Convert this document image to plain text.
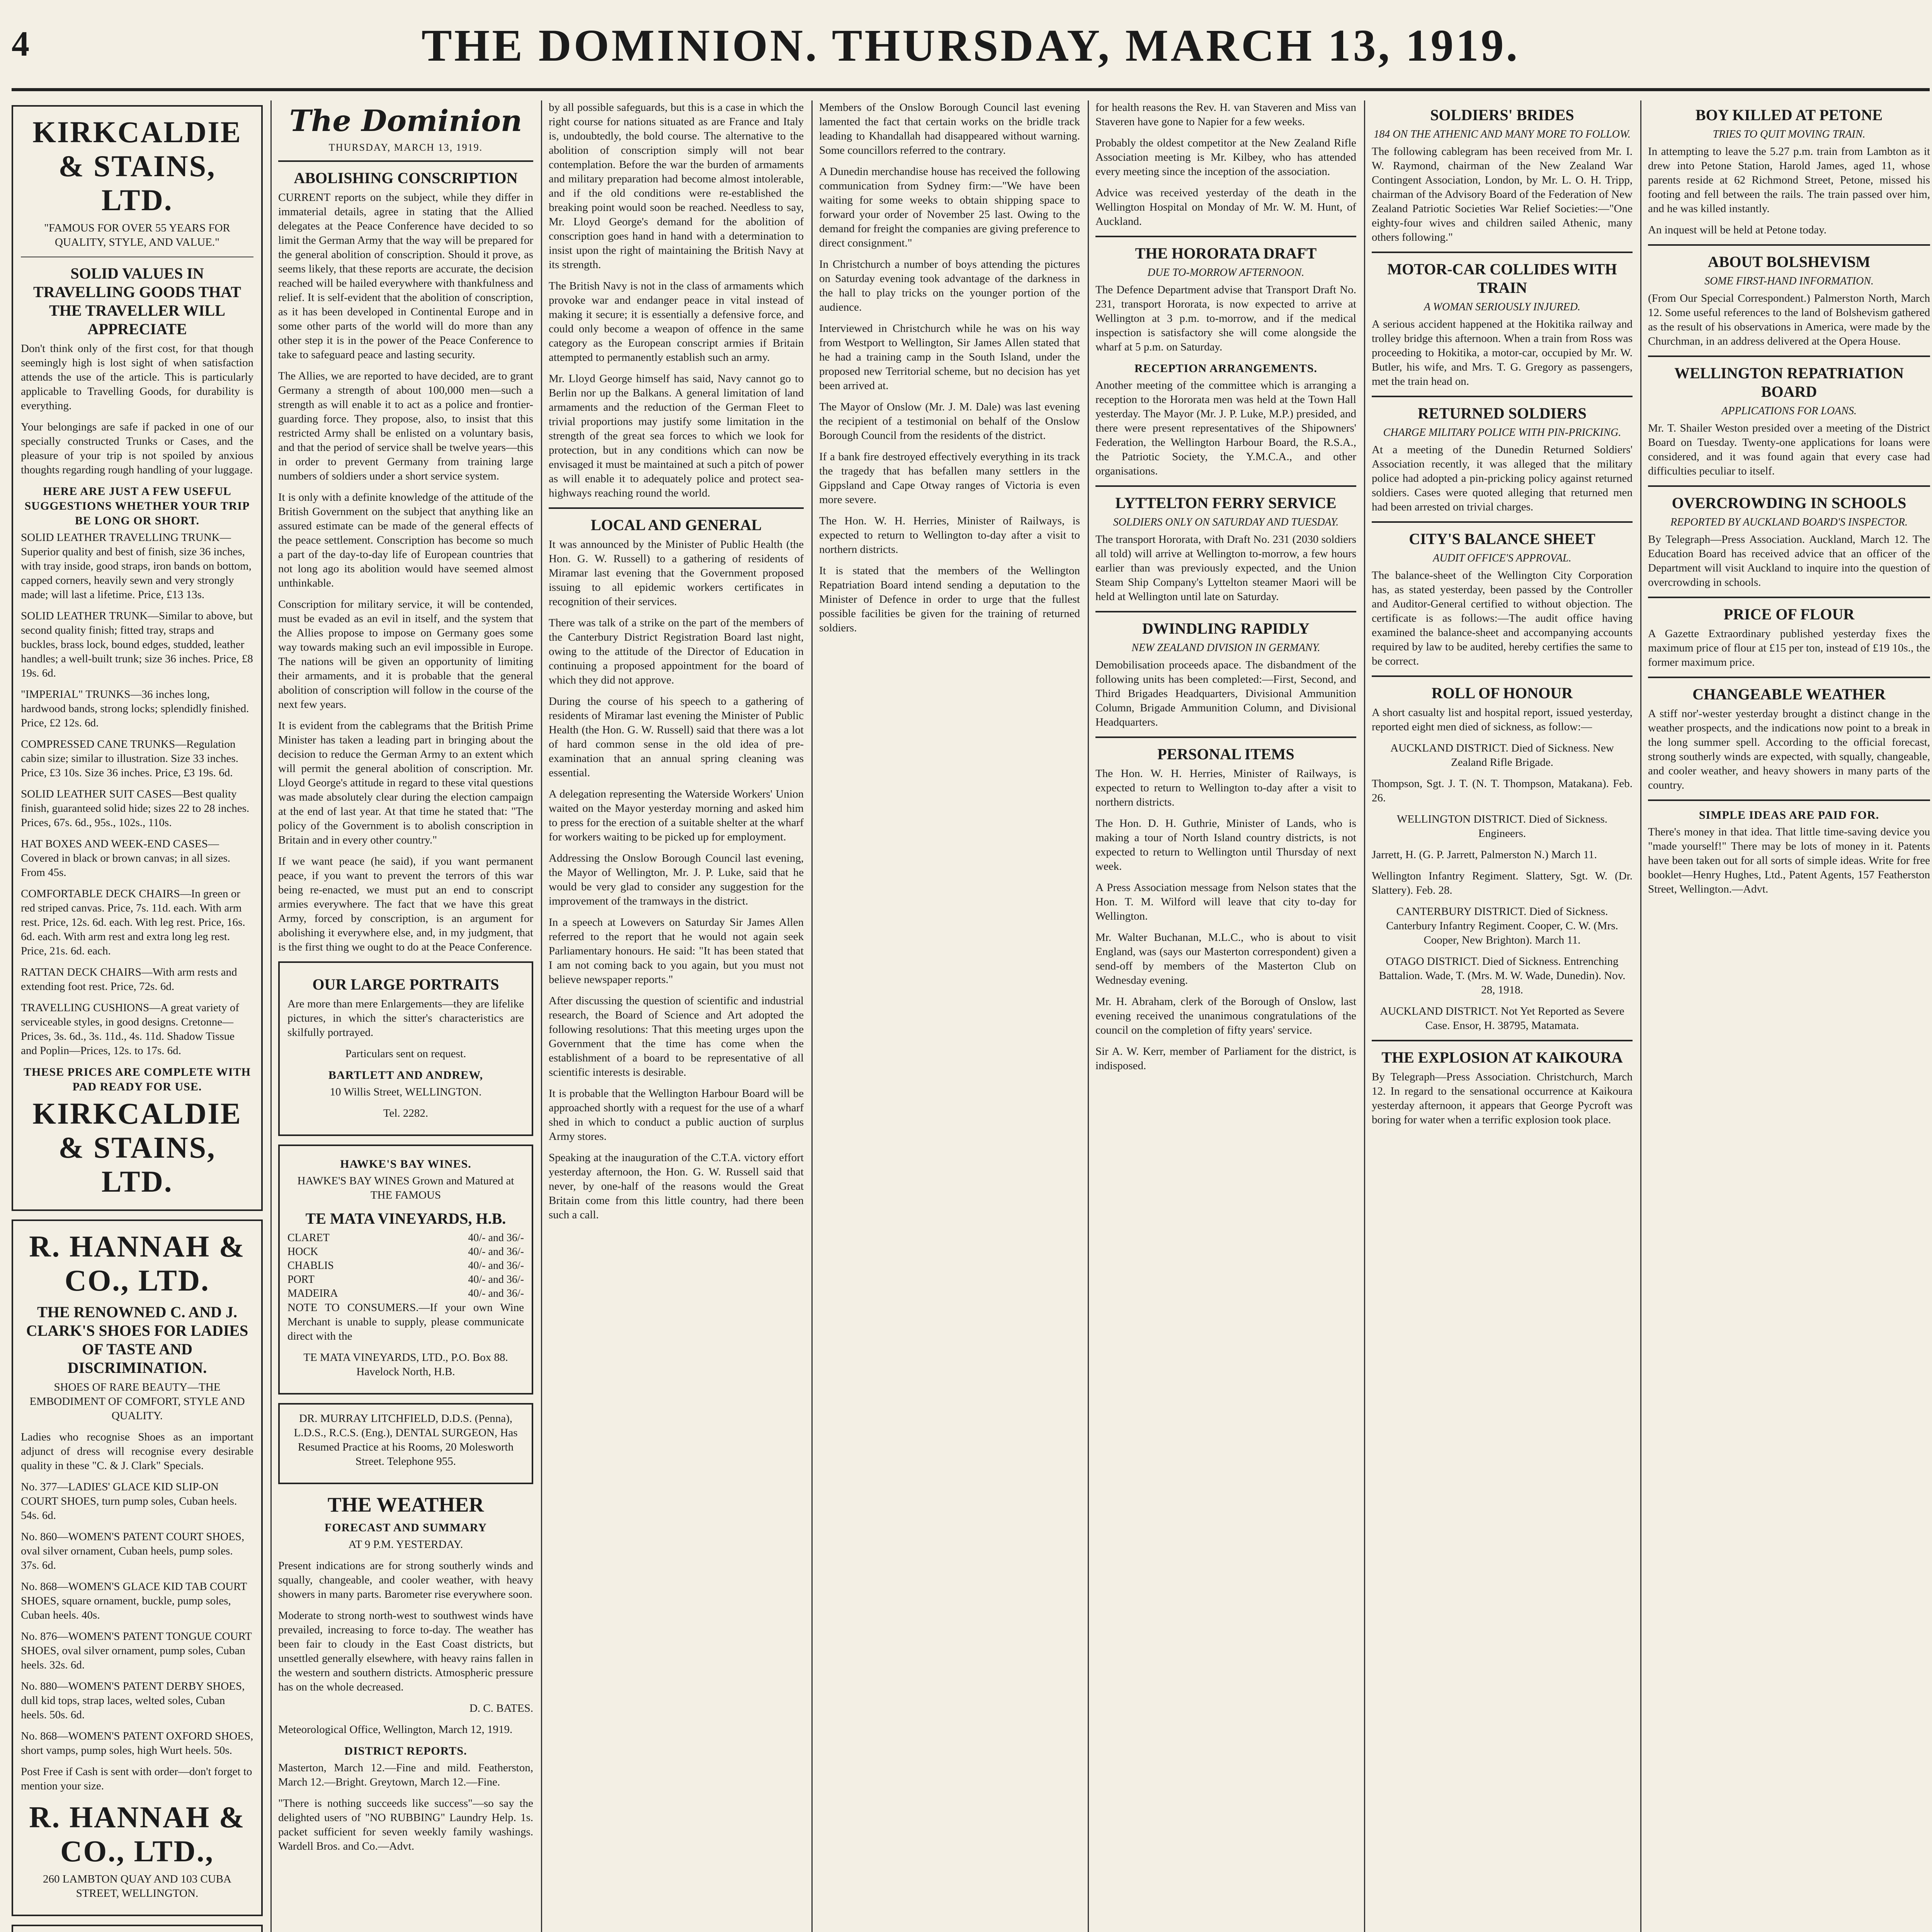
4	THE DOMINION. THURSDAY, MARCH 13, 1919.
KIRKCALDIE & STAINS, LTD.

"FAMOUS FOR OVER 55 YEARS FOR QUALITY, STYLE, AND VALUE."

SOLID VALUES IN TRAVELLING GOODS THAT THE TRAVELLER WILL APPRECIATE

Don't think only of the first cost, for that though seemingly high is lost sight of when satisfaction attends the use of the article. This is particularly applicable to Travelling Goods, for durability is everything.

Your belongings are safe if packed in one of our specially constructed Trunks or Cases, and the pleasure of your trip is not spoiled by anxious thoughts regarding rough handling of your luggage.

HERE ARE JUST A FEW USEFUL SUGGESTIONS WHETHER YOUR TRIP BE LONG OR SHORT.

SOLID LEATHER TRAVELLING TRUNK—Superior quality and best of finish, size 36 inches, with tray inside, good straps, iron bands on bottom, capped corners, heavily sewn and very strongly made; will last a lifetime. Price, £13 13s.

SOLID LEATHER TRUNK—Similar to above, but second quality finish; fitted tray, straps and buckles, brass lock, bound edges, studded, leather handles; a well-built trunk; size 36 inches. Price, £8 19s. 6d.

"IMPERIAL" TRUNKS—36 inches long, hardwood bands, strong locks; splendidly finished. Price, £2 12s. 6d.

COMPRESSED CANE TRUNKS—Regulation cabin size; similar to illustration. Size 33 inches. Price, £3 10s. Size 36 inches. Price, £3 19s. 6d.

SOLID LEATHER SUIT CASES—Best quality finish, guaranteed solid hide; sizes 22 to 28 inches. Prices, 67s. 6d., 95s., 102s., 110s.

HAT BOXES AND WEEK-END CASES—Covered in black or brown canvas; in all sizes. From 45s.

COMFORTABLE DECK CHAIRS—In green or red striped canvas. Price, 7s. 11d. each. With arm rest. Price, 12s. 6d. each. With leg rest. Price, 16s. 6d. each. With arm rest and extra long leg rest. Price, 21s. 6d. each.

RATTAN DECK CHAIRS—With arm rests and extending foot rest. Price, 72s. 6d.

TRAVELLING CUSHIONS—A great variety of serviceable styles, in good designs. Cretonne—Prices, 3s. 6d., 3s. 11d., 4s. 11d. Shadow Tissue and Poplin—Prices, 12s. to 17s. 6d.

THESE PRICES ARE COMPLETE WITH PAD READY FOR USE.
KIRKCALDIE & STAINS, LTD.
R. HANNAH & CO., LTD.
THE RENOWNED C. AND J. CLARK'S SHOES FOR LADIES OF TASTE AND DISCRIMINATION.

SHOES OF RARE BEAUTY—THE EMBODIMENT OF COMFORT, STYLE AND QUALITY.

Ladies who recognise Shoes as an important adjunct of dress will recognise every desirable quality in these "C. & J. Clark" Specials.

No. 377—LADIES' GLACE KID SLIP-ON COURT SHOES, turn pump soles, Cuban heels. 54s. 6d.

No. 860—WOMEN'S PATENT COURT SHOES, oval silver ornament, Cuban heels, pump soles. 37s. 6d.

No. 868—WOMEN'S GLACE KID TAB COURT SHOES, square ornament, buckle, pump soles, Cuban heels. 40s.

No. 876—WOMEN'S PATENT TONGUE COURT SHOES, oval silver ornament, pump soles, Cuban heels. 32s. 6d.

No. 880—WOMEN'S PATENT DERBY SHOES, dull kid tops, strap laces, welted soles, Cuban heels. 50s. 6d.

No. 868—WOMEN'S PATENT OXFORD SHOES, short vamps, pump soles, high Wurt heels. 50s.

Post Free if Cash is sent with order—don't forget to mention your size.

R. HANNAH & CO., LTD.,

260 LAMBTON QUAY AND 103 CUBA STREET, WELLINGTON.

The Dominion
THURSDAY, MARCH 13, 1919.
ABOLISHING CONSCRIPTION

CURRENT reports on the subject, while they differ in immaterial details, agree in stating that the Allied delegates at the Peace Conference have decided to so limit the German Army that the way will be prepared for the general abolition of conscription. Should it prove, as seems likely, that these reports are accurate, the decision reached will be hailed everywhere with thankfulness and relief. It is self-evident that the abolition of conscription, as it has been developed in Continental Europe and in some other parts of the world will do more than any other step it is in the power of the Peace Conference to take to safeguard peace and lasting security.

The Allies, we are reported to have decided, are to grant Germany a strength of about 100,000 men—such a strength as will enable it to act as a police and frontier-guarding force. They propose, also, to insist that this restricted Army shall be enlisted on a voluntary basis, and that the period of service shall be twelve years—this in order to prevent Germany from training large numbers of soldiers under a short service system.

It is only with a definite knowledge of the attitude of the British Government on the subject that anything like an assured estimate can be made of the general effects of the peace settlement. Conscription has become so much a part of the day-to-day life of European countries that not long ago its abolition would have seemed almost unthinkable.

Conscription for military service, it will be contended, must be evaded as an evil in itself, and the system that the Allies propose to impose on Germany goes some way towards making such an evil impossible in Europe. The nations will be given an opportunity of limiting their armaments, and it is probable that the general abolition of conscription will follow in the course of the next few years.

It is evident from the cablegrams that the British Prime Minister has taken a leading part in bringing about the decision to reduce the German Army to an extent which will permit the general abolition of conscription. Mr. Lloyd George's attitude in regard to these vital questions was made absolutely clear during the election campaign at the end of last year. At that time he stated that: "The policy of the Government is to abolish conscription in Britain and in every other country."

If we want peace (he said), if you want permanent peace, if you want to prevent the terrors of this war being re-enacted, we must put an end to conscript armies everywhere. The fact that we have this great Army, forced by conscription, is an argument for abolishing it everywhere else, and, in my judgment, that is the first thing we ought to do at the Peace Conference.

OUR LARGE PORTRAITS

Are more than mere Enlargements—they are lifelike pictures, in which the sitter's characteristics are skilfully portrayed.

Particulars sent on request.

BARTLETT AND ANDREW,

10 Willis Street, WELLINGTON.

Tel. 2282.

HAWKE'S BAY WINES.

HAWKE'S BAY WINES Grown and Matured at THE FAMOUS

TE MATA VINEYARDS, H.B.
CLARET	40/- and 36/-
HOCK	40/- and 36/-
CHABLIS	40/- and 36/-
PORT	40/- and 36/-
MADEIRA	40/- and 36/-

NOTE TO CONSUMERS.—If your own Wine Merchant is unable to supply, please communicate direct with the

TE MATA VINEYARDS, LTD., P.O. Box 88. Havelock North, H.B.

DR. MURRAY LITCHFIELD, D.D.S. (Penna), L.D.S., R.C.S. (Eng.), DENTAL SURGEON, Has Resumed Practice at his Rooms, 20 Molesworth Street. Telephone 955.

THE WEATHER
FORECAST AND SUMMARY

AT 9 P.M. YESTERDAY.

Present indications are for strong southerly winds and squally, changeable, and cooler weather, with heavy showers in many parts. Barometer rise everywhere soon.

Moderate to strong north-west to southwest winds have prevailed, increasing to force to-day. The weather has been fair to cloudy in the East Coast districts, but unsettled generally elsewhere, with heavy rains fallen in the western and southern districts. Atmospheric pressure has on the whole decreased.

D. C. BATES.

Meteorological Office, Wellington, March 12, 1919.

DISTRICT REPORTS.

Masterton, March 12.—Fine and mild. Featherston, March 12.—Bright. Greytown, March 12.—Fine.

"There is nothing succeeds like success"—so say the delighted users of "NO RUBBING" Laundry Help. 1s. packet sufficient for seven weekly family washings. Wardell Bros. and Co.—Advt.

by all possible safeguards, but this is a case in which the right course for nations situated as are France and Italy is, undoubtedly, the bold course. The alternative to the abolition of conscription simply will not bear contemplation. Before the war the burden of armaments and military preparation had become almost intolerable, and if the old conditions were re-established the breaking point would soon be reached. Needless to say, Mr. Lloyd George's demand for the abolition of conscription goes hand in hand with a determination to insist upon the right of maintaining the British Navy at its strength.

The British Navy is not in the class of armaments which provoke war and endanger peace in vital instead of making it secure; it is essentially a defensive force, and could only become a weapon of offence in the same category as the European conscript armies if Britain attempted to permanently establish such an army.

Mr. Lloyd George himself has said, Navy cannot go to Berlin nor up the Balkans. A general limitation of land armaments and the reduction of the German Fleet to trivial proportions may justify some limitation in the strength of the great sea forces to which we look for protection, but in any conditions which can now be envisaged it must be maintained at such a pitch of power as will enable it to adequately police and protect sea-highways reaching round the world.

LOCAL AND GENERAL

It was announced by the Minister of Public Health (the Hon. G. W. Russell) to a gathering of residents of Miramar last evening that the Government proposed issuing to all epidemic workers certificates in recognition of their services.

There was talk of a strike on the part of the members of the Canterbury District Registration Board last night, owing to the attitude of the Director of Education in continuing a proposed appointment for the board of which they did not approve.

During the course of his speech to a gathering of residents of Miramar last evening the Minister of Public Health (the Hon. G. W. Russell) said that there was a lot of hard common sense in the old idea of pre-examination that an annual spring cleaning was essential.

A delegation representing the Waterside Workers' Union waited on the Mayor yesterday morning and asked him to press for the erection of a suitable shelter at the wharf for workers waiting to be picked up for employment.

Addressing the Onslow Borough Council last evening, the Mayor of Wellington, Mr. J. P. Luke, said that he would be very glad to consider any suggestion for the improvement of the tramways in the district.

In a speech at Lowevers on Saturday Sir James Allen referred to the report that he would not again seek Parliamentary honours. He said: "It has been stated that I am not coming back to you again, but you must not believe newspaper reports."

After discussing the question of scientific and industrial research, the Board of Science and Art adopted the following resolutions: That this meeting urges upon the Government that the time has come when the establishment of a board to be representative of all scientific interests is desirable.

It is probable that the Wellington Harbour Board will be approached shortly with a request for the use of a wharf shed in which to conduct a public auction of surplus Army stores.

Speaking at the inauguration of the C.T.A. victory effort yesterday afternoon, the Hon. G. W. Russell said that never, by one-half of the reasons would the Great Britain come from this little country, had there been such a call.

Members of the Onslow Borough Council last evening lamented the fact that certain works on the bridle track leading to Khandallah had disappeared without warning. Some councillors referred to the contrary.

A Dunedin merchandise house has received the following communication from Sydney firm:—"We have been waiting for some weeks to obtain shipping space to forward your order of November 25 last. Owing to the demand for freight the companies are giving preference to direct consignment."

In Christchurch a number of boys attending the pictures on Saturday evening took advantage of the darkness in the hall to play tricks on the younger portion of the audience.

Interviewed in Christchurch while he was on his way from Westport to Wellington, Sir James Allen stated that he had a training camp in the South Island, under the proposed new Territorial scheme, but no decision has yet been arrived at.

The Mayor of Onslow (Mr. J. M. Dale) was last evening the recipient of a testimonial on behalf of the Onslow Borough Council from the residents of the district.

If a bank fire destroyed effectively everything in its track the tragedy that has befallen many settlers in the Gippsland and Cape Otway ranges of Victoria is even more severe.

The Hon. W. H. Herries, Minister of Railways, is expected to return to Wellington to-day after a visit to northern districts.

It is stated that the members of the Wellington Repatriation Board intend sending a deputation to the Minister of Defence in order to urge that the fullest possible facilities be given for the training of returned soldiers.

for health reasons the Rev. H. van Staveren and Miss van Staveren have gone to Napier for a few weeks.

Probably the oldest competitor at the New Zealand Rifle Association meeting is Mr. Kilbey, who has attended every meeting since the inception of the association.

Advice was received yesterday of the death in the Wellington Hospital on Monday of Mr. W. M. Hunt, of Auckland.

THE HORORATA DRAFT

DUE TO-MORROW AFTERNOON.

The Defence Department advise that Transport Draft No. 231, transport Hororata, is now expected to arrive at Wellington at 3 p.m. to-morrow, and if the medical inspection is satisfactory she will come alongside the wharf at 5 p.m. on Saturday.

RECEPTION ARRANGEMENTS.

Another meeting of the committee which is arranging a reception to the Hororata men was held at the Town Hall yesterday. The Mayor (Mr. J. P. Luke, M.P.) presided, and there were present representatives of the Shipowners' Federation, the Wellington Harbour Board, the R.S.A., the Patriotic Society, the Y.M.C.A., and other organisations.

LYTTELTON FERRY SERVICE

SOLDIERS ONLY ON SATURDAY AND TUESDAY.

The transport Hororata, with Draft No. 231 (2030 soldiers all told) will arrive at Wellington to-morrow, a few hours earlier than was previously expected, and the Union Steam Ship Company's Lyttelton steamer Maori will be held at Wellington until late on Saturday.

DWINDLING RAPIDLY

NEW ZEALAND DIVISION IN GERMANY.

Demobilisation proceeds apace. The disbandment of the following units has been completed:—First, Second, and Third Brigades Headquarters, Divisional Ammunition Column, Brigade Ammunition Column, and Divisional Headquarters.

PERSONAL ITEMS

The Hon. W. H. Herries, Minister of Railways, is expected to return to Wellington to-day after a visit to northern districts.

The Hon. D. H. Guthrie, Minister of Lands, who is making a tour of North Island country districts, is not expected to return to Wellington until Thursday of next week.

A Press Association message from Nelson states that the Hon. T. M. Wilford will leave that city to-day for Wellington.

Mr. Walter Buchanan, M.L.C., who is about to visit England, was (says our Masterton correspondent) given a send-off by members of the Masterton Club on Wednesday evening.

Mr. H. Abraham, clerk of the Borough of Onslow, last evening received the unanimous congratulations of the council on the completion of fifty years' service.

Sir A. W. Kerr, member of Parliament for the district, is indisposed.

SOLDIERS' BRIDES

184 ON THE ATHENIC AND MANY MORE TO FOLLOW.

The following cablegram has been received from Mr. I. W. Raymond, chairman of the New Zealand War Contingent Association, London, by Mr. L. O. H. Tripp, chairman of the Advisory Board of the Federation of New Zealand Patriotic Societies War Relief Societies:—"One eighty-four wives and children sailed Athenic, many others following."

MOTOR-CAR COLLIDES WITH TRAIN

A WOMAN SERIOUSLY INJURED.

A serious accident happened at the Hokitika railway and trolley bridge this afternoon. When a train from Ross was proceeding to Hokitika, a motor-car, occupied by Mr. W. Butler, his wife, and Mrs. T. G. Gregory as passengers, met the train head on.

RETURNED SOLDIERS

CHARGE MILITARY POLICE WITH PIN-PRICKING.

At a meeting of the Dunedin Returned Soldiers' Association recently, it was alleged that the military police had adopted a pin-pricking policy against returned soldiers. Cases were quoted alleging that returned men had been arrested on trivial charges.

CITY'S BALANCE SHEET

AUDIT OFFICE'S APPROVAL.

The balance-sheet of the Wellington City Corporation has, as stated yesterday, been passed by the Controller and Auditor-General certified to without objection. The certificate is as follows:—The audit office having examined the balance-sheet and accompanying accounts required by law to be audited, hereby certifies the same to be correct.

ROLL OF HONOUR

A short casualty list and hospital report, issued yesterday, reported eight men died of sickness, as follow:—

AUCKLAND DISTRICT. Died of Sickness. New Zealand Rifle Brigade.

Thompson, Sgt. J. T. (N. T. Thompson, Matakana). Feb. 26.

WELLINGTON DISTRICT. Died of Sickness. Engineers.

Jarrett, H. (G. P. Jarrett, Palmerston N.) March 11.

Wellington Infantry Regiment. Slattery, Sgt. W. (Dr. Slattery). Feb. 28.

CANTERBURY DISTRICT. Died of Sickness. Canterbury Infantry Regiment. Cooper, C. W. (Mrs. Cooper, New Brighton). March 11.

OTAGO DISTRICT. Died of Sickness. Entrenching Battalion. Wade, T. (Mrs. M. W. Wade, Dunedin). Nov. 28, 1918.

AUCKLAND DISTRICT. Not Yet Reported as Severe Case. Ensor, H. 38795, Matamata.

THE EXPLOSION AT KAIKOURA

By Telegraph—Press Association. Christchurch, March 12. In regard to the sensational occurrence at Kaikoura yesterday afternoon, it appears that George Pycroft was boring for water when a terrific explosion took place.

BOY KILLED AT PETONE

TRIES TO QUIT MOVING TRAIN.

In attempting to leave the 5.27 p.m. train from Lambton as it drew into Petone Station, Harold James, aged 11, whose parents reside at 62 Richmond Street, Petone, missed his footing and fell between the rails. The train passed over him, and he was killed instantly.

An inquest will be held at Petone today.

ABOUT BOLSHEVISM

SOME FIRST-HAND INFORMATION.

(From Our Special Correspondent.) Palmerston North, March 12. Some useful references to the land of Bolshevism gathered as the result of his observations in America, were made by the Churchman, in an address delivered at the Opera House.

WELLINGTON REPATRIATION BOARD

APPLICATIONS FOR LOANS.

Mr. T. Shailer Weston presided over a meeting of the District Board on Tuesday. Twenty-one applications for loans were considered, and it was found again that every case had difficulties peculiar to itself.

OVERCROWDING IN SCHOOLS

REPORTED BY AUCKLAND BOARD'S INSPECTOR.

By Telegraph—Press Association. Auckland, March 12. The Education Board has received advice that an officer of the Department will visit Auckland to inquire into the question of overcrowding in schools.

PRICE OF FLOUR

A Gazette Extraordinary published yesterday fixes the maximum price of flour at £15 per ton, instead of £19 10s., the former maximum price.

CHANGEABLE WEATHER

A stiff nor'-wester yesterday brought a distinct change in the weather prospects, and the indications now point to a break in the long summer spell. According to the official forecast, strong southerly winds are expected, with squally, changeable, and cooler weather, and heavy showers in many parts of the country.

SIMPLE IDEAS ARE PAID FOR.

There's money in that idea. That little time-saving device you "made yourself!" There may be lots of money in it. Patents have been taken out for all sorts of simple ideas. Write for free booklet—Henry Hughes, Ltd., Patent Agents, 157 Featherston Street, Wellington.—Advt.
